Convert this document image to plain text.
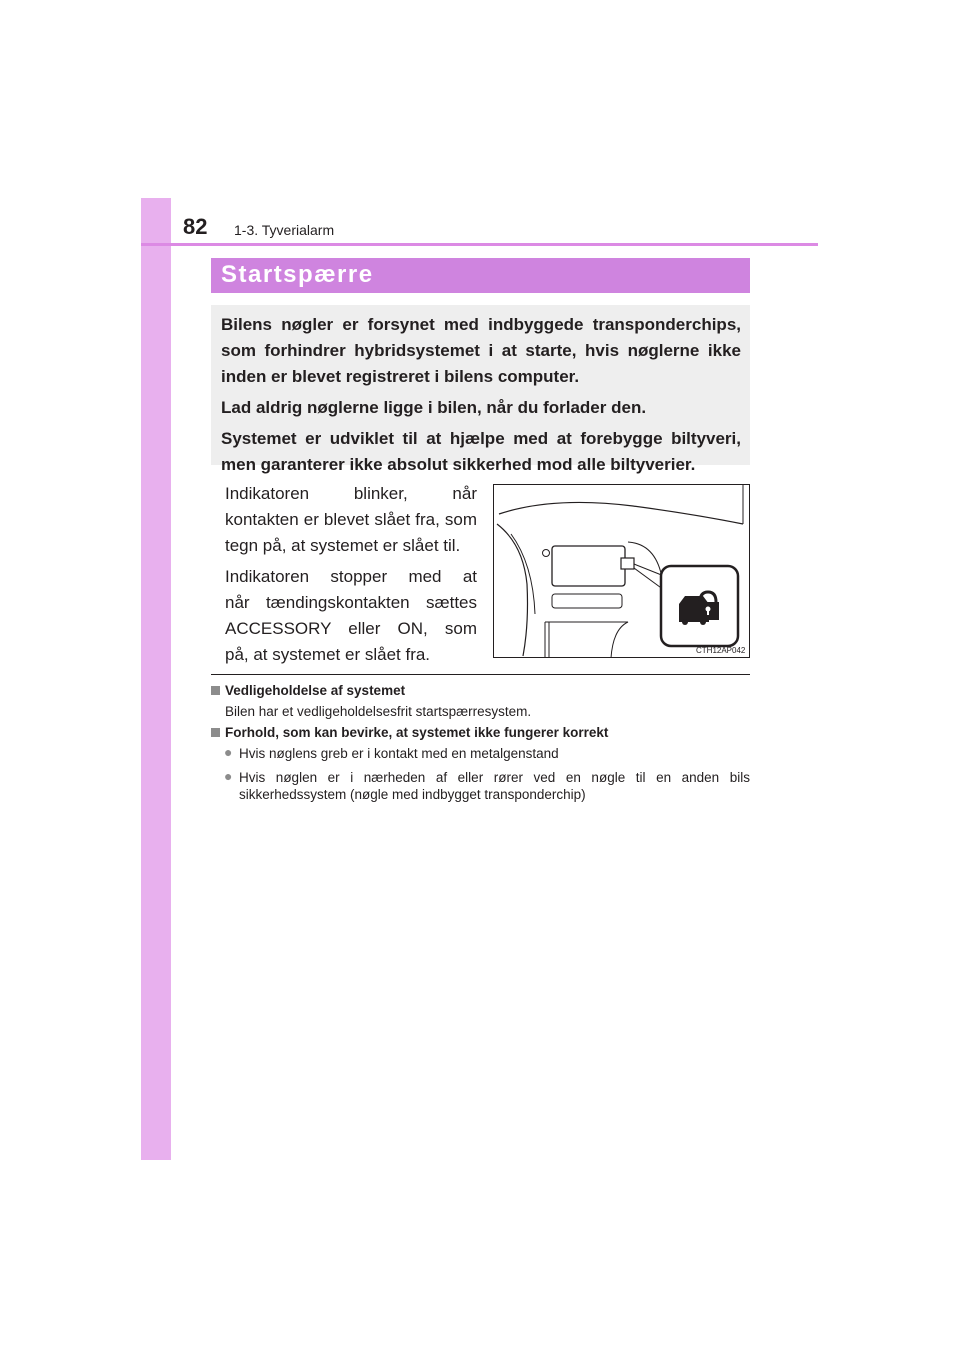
82 1-3. Tyverialarm
Startspærre

Bilens nøgler er forsynet med indbyggede transponderchips,

som forhindrer hybridsystemet i at starte, hvis nøglerne ikke

inden er blevet registreret i bilens computer.

Lad aldrig nøglerne ligge i bilen, når du forlader den.

Systemet er udviklet til at hjælpe med at forebygge biltyveri,

men garanterer ikke absolut sikkerhed mod alle biltyverier.

Indikatoren blinker, når

kontakten er blevet slået fra, som

tegn på, at systemet er slået til.

Indikatoren stopper med at

når tændingskontakten sættes

ACCESSORY eller ON, som

på, at systemet er slået fra.	CTH12AP042
Vedligeholdelse af systemet

Bilen har et vedligeholdelsesfrit startspærresystem.

Forhold, som kan bevirke, at systemet ikke fungerer korrekt
● Hvis nøglens greb er i kontakt med en metalgenstand

● Hvis nøglen er i nærheden af eller rører ved en nøgle til en anden bils

sikkerhedssystem (nøgle med indbygget transponderchip)
